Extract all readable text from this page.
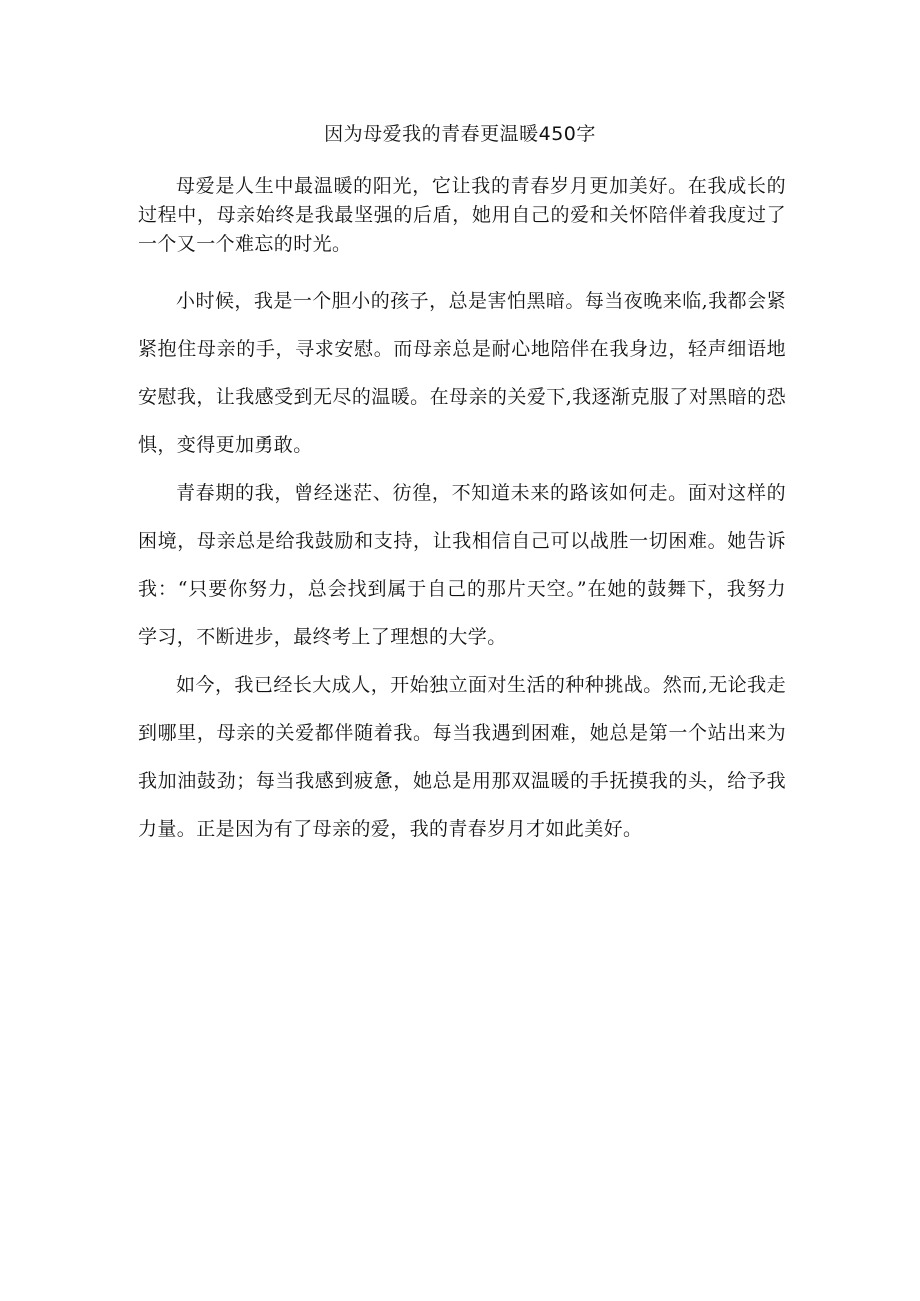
因为母爱我的青春更温暖450字

母爱是人生中最温暖的阳光，它让我的青春岁月更加美好。在我成长的过程中，母亲始终是我最坚强的后盾，她用自己的爱和关怀陪伴着我度过了一个又一个难忘的时光。

小时候，我是一个胆小的孩子，总是害怕黑暗。每当夜晚来临,我都会紧紧抱住母亲的手，寻求安慰。而母亲总是耐心地陪伴在我身边，轻声细语地安慰我，让我感受到无尽的温暖。在母亲的关爱下,我逐渐克服了对黑暗的恐惧，变得更加勇敢。

青春期的我，曾经迷茫、彷徨，不知道未来的路该如何走。面对这样的困境，母亲总是给我鼓励和支持，让我相信自己可以战胜一切困难。她告诉我：“只要你努力，总会找到属于自己的那片天空。”在她的鼓舞下，我努力学习，不断进步，最终考上了理想的大学。

如今，我已经长大成人，开始独立面对生活的种种挑战。然而,无论我走到哪里，母亲的关爱都伴随着我。每当我遇到困难，她总是第一个站出来为我加油鼓劲；每当我感到疲惫，她总是用那双温暖的手抚摸我的头，给予我力量。正是因为有了母亲的爱，我的青春岁月才如此美好。
